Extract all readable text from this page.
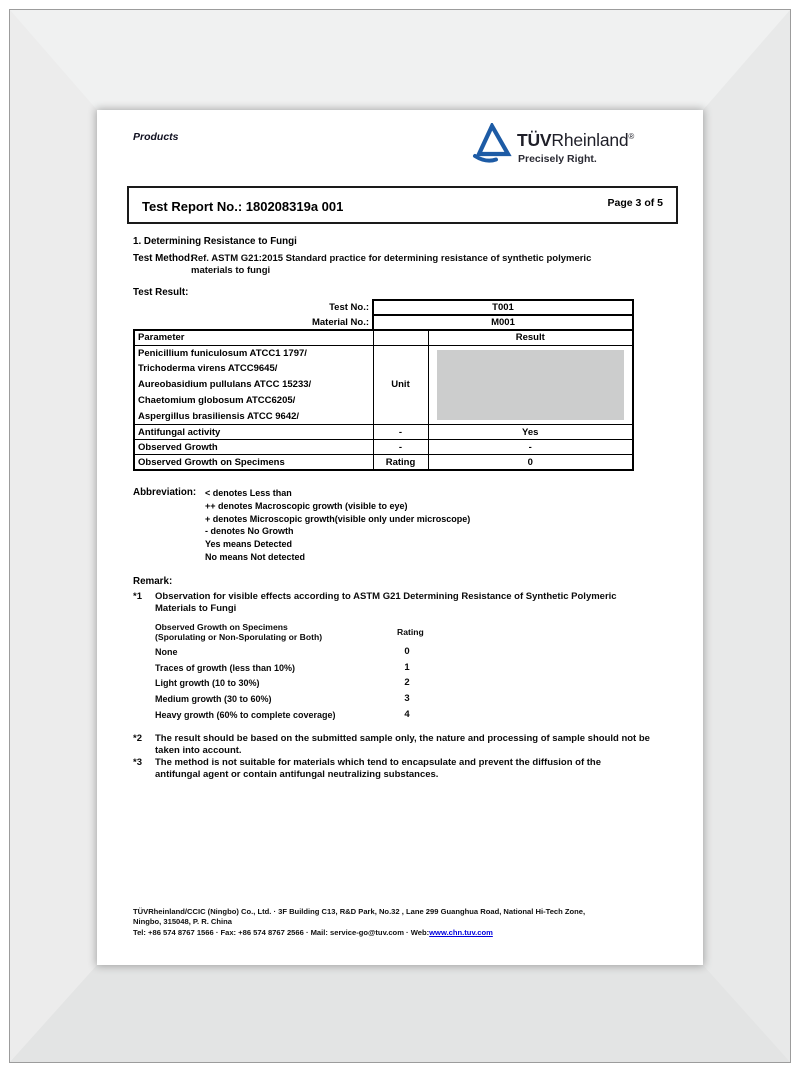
Products	TÜVRheinland®
Precisely Right.
Test Report No.: 180208319a 001	Page 3 of 5
1. Determining Resistance to Fungi
Test Method:
Ref. ASTM G21:2015 Standard practice for determining resistance of synthetic polymeric materials to fungi
Test Result:
Test No.:	T001	
Material No.:	M001	
Parameter		Result

Penicillium funiculosum ATCC1 1797/
Trichoderma virens ATCC9645/
Aureobasidium pullulans ATCC 15233/
Chaetomium globosum ATCC6205/
Aspergillus brasiliensis ATCC 9642/	Unit	

Antifungal activity	-	Yes
Observed Growth	-	-
Observed Growth on Specimens	Rating	0
Abbreviation: < denotes Less than
++ denotes Macroscopic growth (visible to eye)
+ denotes Microscopic growth(visible only under microscope)
- denotes No Growth
Yes means Detected
No means Not detected
Remark:
*1 Observation for visible effects according to ASTM G21 Determining Resistance of Synthetic Polymeric Materials to Fungi
Observed Growth on Specimens
(Sporulating or Non-Sporulating or Both)	Rating
None	0
Traces of growth (less than 10%)	1
Light growth (10 to 30%)	2
Medium growth (30 to 60%)	3
Heavy growth (60% to complete coverage)	4
*2 The result should be based on the submitted sample only, the nature and processing of sample should not be taken into account.
*3 The method is not suitable for materials which tend to encapsulate and prevent the diffusion of the antifungal agent or contain antifungal neutralizing substances.
TÜVRheinland/CCIC (Ningbo) Co., Ltd. · 3F Building C13, R&D Park, No.32 , Lane 299 Guanghua Road, National Hi-Tech Zone,
Ningbo, 315048, P. R. China
Tel: +86 574 8767 1566 · Fax: +86 574 8767 2566 · Mail: service-go@tuv.com · Web:www.chn.tuv.com
